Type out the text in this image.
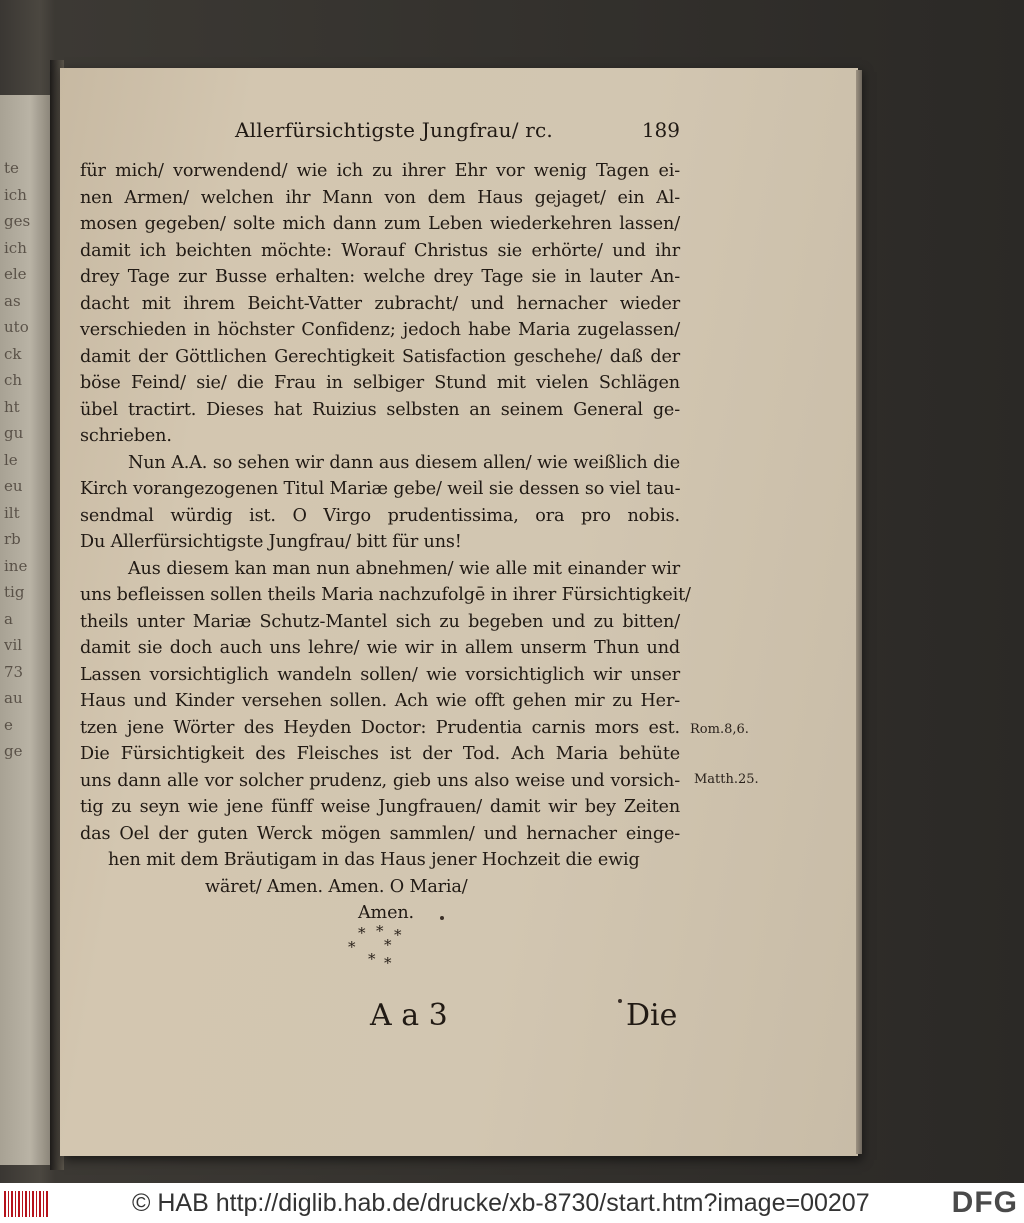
te
ich
ges
ich
ele
as
uto
ck
ch
ht
gu
le
eu
ilt
rb
ine
tig
a
vil
73
au
e
ge
Allerfürsichtigste Jungfrau/ rc.	189
für mich/ vorwendend/ wie ich zu ihrer Ehr vor wenig Tagen ei-
nen Armen/ welchen ihr Mann von dem Haus gejaget/ ein Al-
mosen gegeben/ solte mich dann zum Leben wiederkehren lassen/
damit ich beichten möchte: Worauf Christus sie erhörte/ und ihr
drey Tage zur Busse erhalten: welche drey Tage sie in lauter An-
dacht mit ihrem Beicht-Vatter zubracht/ und hernacher wieder
verschieden in höchster Confidenz; jedoch habe Maria zugelassen/
damit der Göttlichen Gerechtigkeit Satisfaction geschehe/ daß der
böse Feind/ sie/ die Frau in selbiger Stund mit vielen Schlägen
übel tractirt. Dieses hat Ruizius selbsten an seinem General ge-
schrieben.
Nun A.A. so sehen wir dann aus diesem allen/ wie weißlich die
Kirch vorangezogenen Titul Mariæ gebe/ weil sie dessen so viel tau-
sendmal würdig ist. O Virgo prudentissima, ora pro nobis.
Du Allerfürsichtigste Jungfrau/ bitt für uns!
Aus diesem kan man nun abnehmen/ wie alle mit einander wir
uns befleissen sollen theils Maria nachzufolgē in ihrer Fürsichtigkeit/
theils unter Mariæ Schutz-Mantel sich zu begeben und zu bitten/
damit sie doch auch uns lehre/ wie wir in allem unserm Thun und
Lassen vorsichtiglich wandeln sollen/ wie vorsichtiglich wir unser
Haus und Kinder versehen sollen. Ach wie offt gehen mir zu Her-
tzen jene Wörter des Heyden Doctor: Prudentia carnis mors est.
Die Fürsichtigkeit des Fleisches ist der Tod. Ach Maria behüte
uns dann alle vor solcher prudenz, gieb uns also weise und vorsich-
tig zu seyn wie jene fünff weise Jungfrauen/ damit wir bey Zeiten
das Oel der guten Werck mögen sammlen/ und hernacher einge-
hen mit dem Bräutigam in das Haus jener Hochzeit die ewig
wäret/ Amen. Amen. O Maria/
Amen.
Rom.8,6.
Matth.25.
* * *
* *
* *
A a 3	Die
© HAB http://diglib.hab.de/drucke/xb-8730/start.htm?image=00207	DFG
